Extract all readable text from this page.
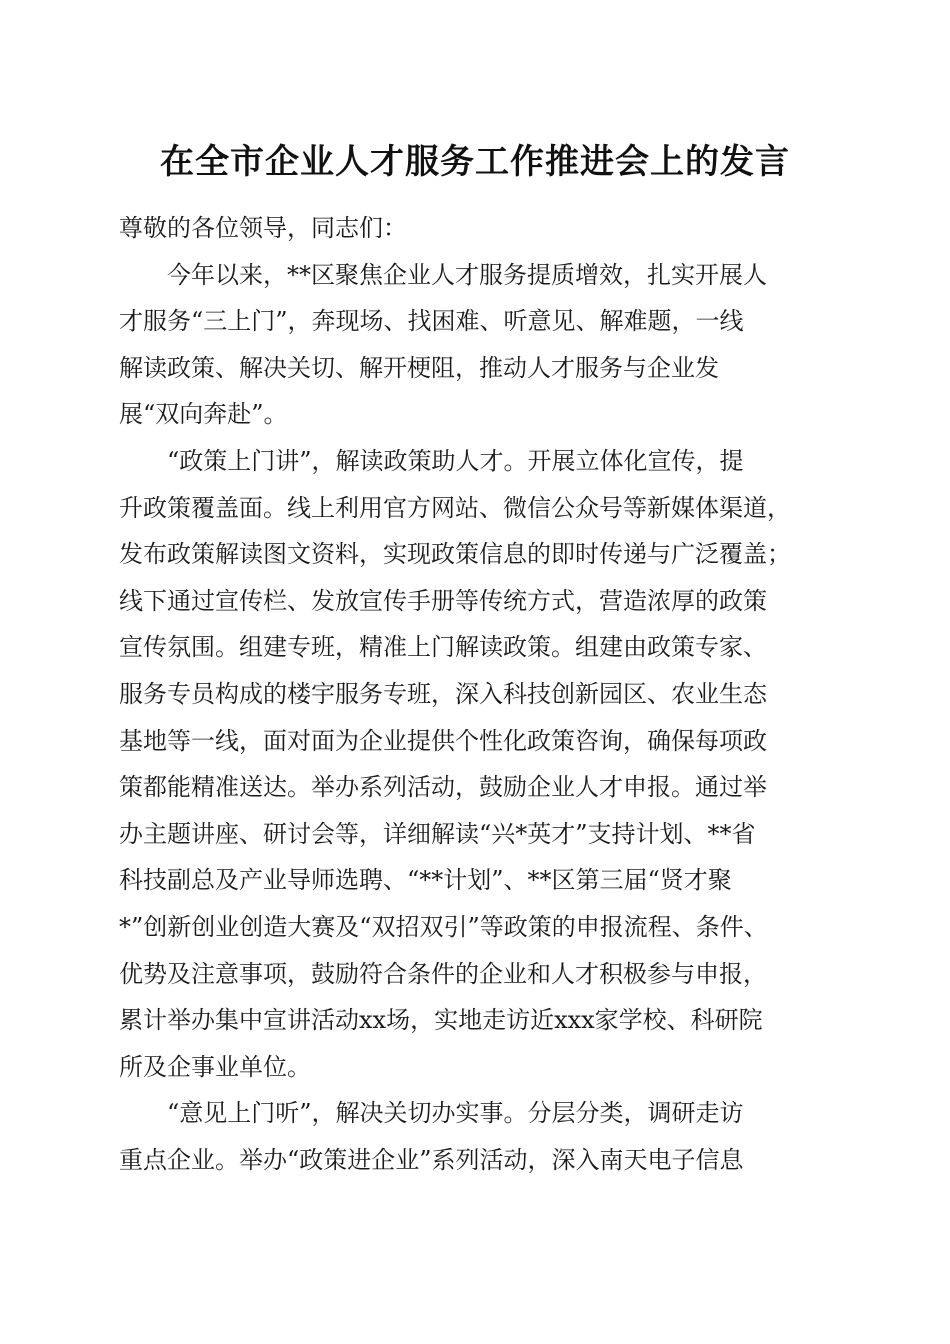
在全市企业人才服务工作推进会上的发言

尊敬的各位领导，同志们：

今年以来，**区聚焦企业人才服务提质增效，扎实开展人
才服务“三上门”，奔现场、找困难、听意见、解难题，一线
解读政策、解决关切、解开梗阻，推动人才服务与企业发
展“双向奔赴”。

“政策上门讲”，解读政策助人才。开展立体化宣传，提
升政策覆盖面。线上利用官方网站、微信公众号等新媒体渠道，
发布政策解读图文资料，实现政策信息的即时传递与广泛覆盖；
线下通过宣传栏、发放宣传手册等传统方式，营造浓厚的政策
宣传氛围。组建专班，精准上门解读政策。组建由政策专家、
服务专员构成的楼宇服务专班，深入科技创新园区、农业生态
基地等一线，面对面为企业提供个性化政策咨询，确保每项政
策都能精准送达。举办系列活动，鼓励企业人才申报。通过举
办主题讲座、研讨会等，详细解读“兴*英才”支持计划、**省
科技副总及产业导师选聘、“**计划”、**区第三届“贤才聚
*”创新创业创造大赛及“双招双引”等政策的申报流程、条件、
优势及注意事项，鼓励符合条件的企业和人才积极参与申报，
累计举办集中宣讲活动xx场，实地走访近xxx家学校、科研院
所及企事业单位。

“意见上门听”，解决关切办实事。分层分类，调研走访
重点企业。举办“政策进企业”系列活动，深入南天电子信息
